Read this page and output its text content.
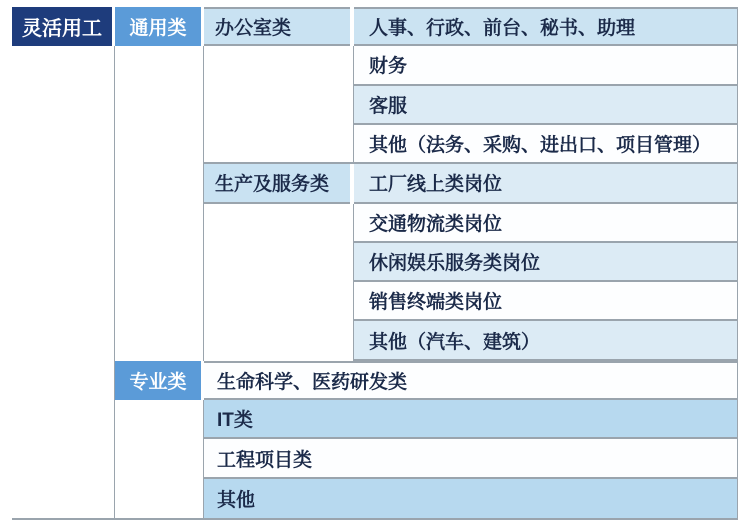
灵活用工	通用类
专业类
办公室类
生产及服务类
人事、行政、前台、秘书、助理
财务
客服
其他（法务、采购、进出口、项目管理）
工厂线上类岗位
交通物流类岗位
休闲娱乐服务类岗位
销售终端类岗位
其他（汽车、建筑）
生命科学、医药研发类
IT类
工程项目类
其他
